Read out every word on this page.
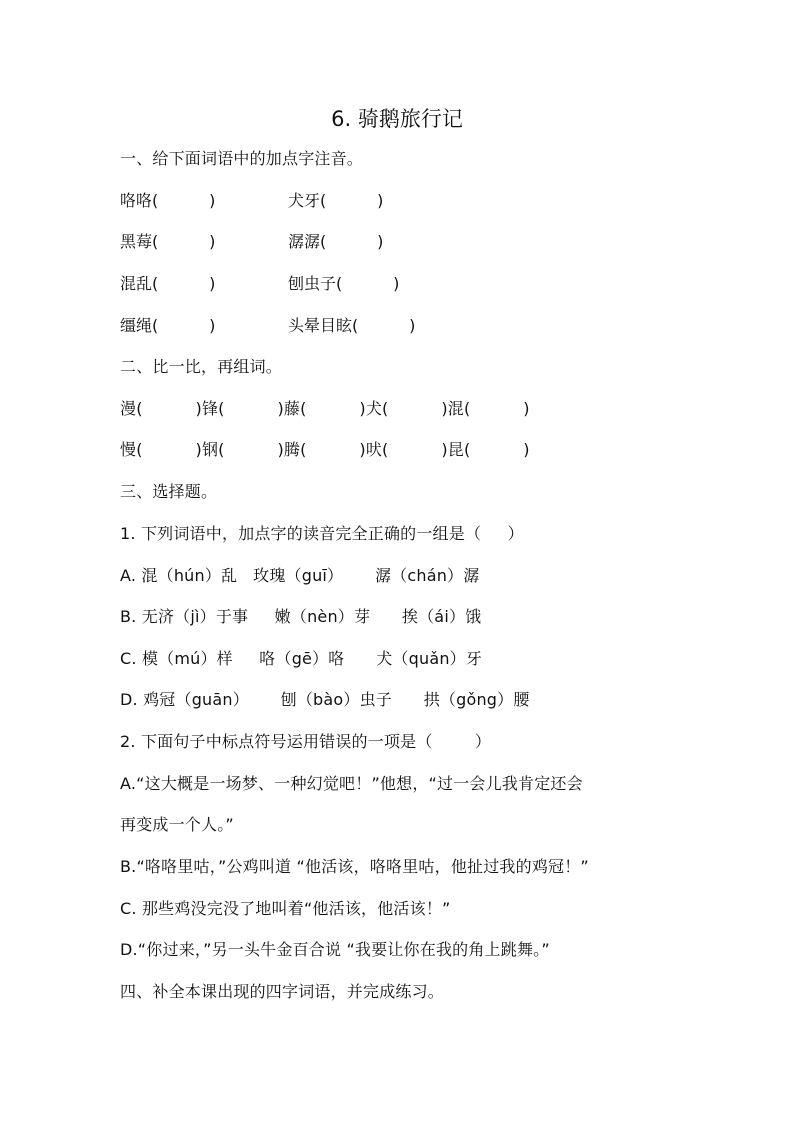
6. 骑鹅旅行记
一、给下面词语中的加点字注音。
咯咯(          )	犬牙(          )
黑莓(          )	潺潺(          )
混乱(          )	刨虫子(          )
缰绳(          )	头晕目眩(          )
二、比一比，再组词。
漫(          )锋(          )藤(          )犬(          )混(          )
慢(          )钢(          )腾(          )吠(          )昆(          )
三、选择题。
1. 下列词语中，加点字的读音完全正确的一组是（     ）
A. 混（hún）乱   玫瑰（guī）      潺（chán）潺
B. 无济（jì）于事     嫩（nèn）芽      挨（ái）饿
C. 模（mú）样     咯（gē）咯      犬（quǎn）牙
D. 鸡冠（guān）      刨（bào）虫子      拱（gǒng）腰
2. 下面句子中标点符号运用错误的一项是（        ）
A.“这大概是一场梦、一种幻觉吧！”他想，“过一会儿我肯定还会
再变成一个人。”
B.“咯咯里咕，”公鸡叫道 “他活该，咯咯里咕，他扯过我的鸡冠！”
C. 那些鸡没完没了地叫着“他活该，他活该！”
D.“你过来，”另一头牛金百合说 “我要让你在我的角上跳舞。”
四、补全本课出现的四字词语，并完成练习。
